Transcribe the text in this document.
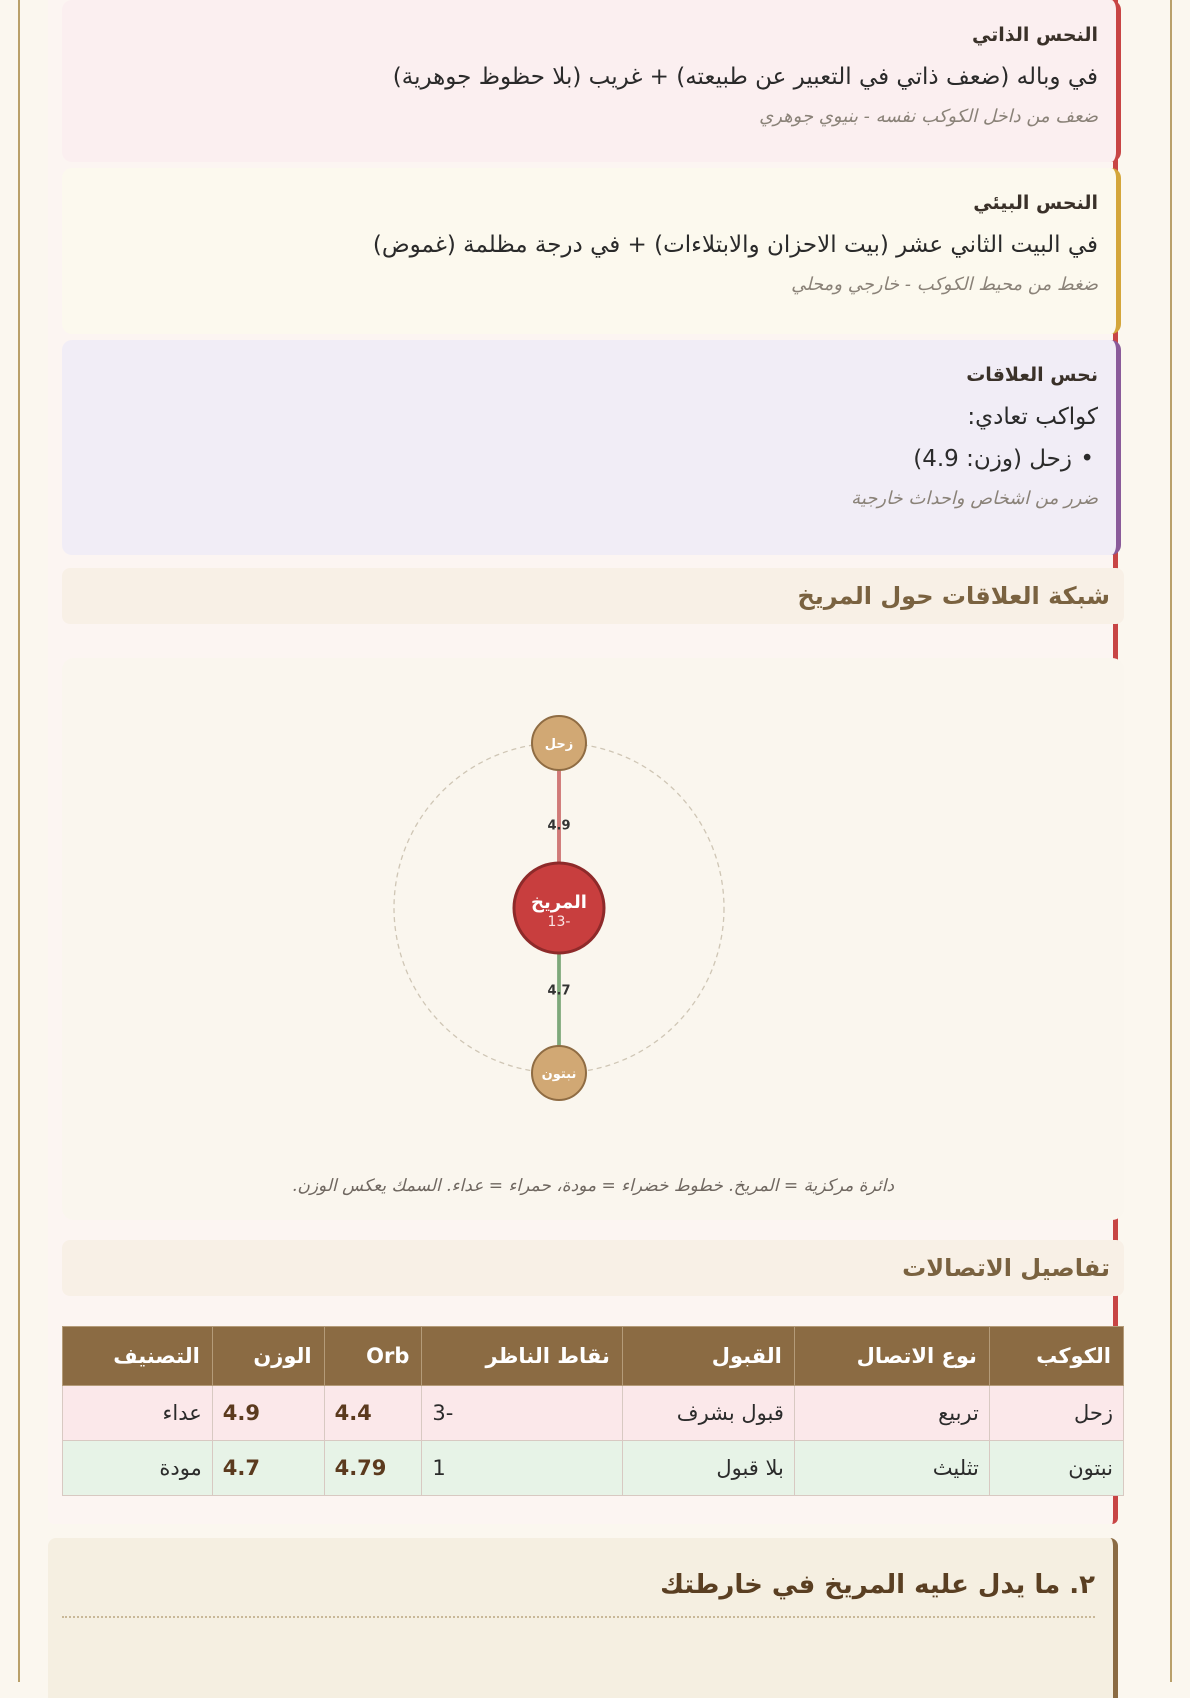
النحس الذاتي
في وباله (ضعف ذاتي في التعبير عن طبيعته) + غريب (بلا حظوظ جوهرية)
ضعف من داخل الكوكب نفسه - بنيوي جوهري
النحس البيئي
في البيت الثاني عشر (بيت الاحزان والابتلاءات) + في درجة مظلمة (غموض)
ضغط من محيط الكوكب - خارجي ومحلي
نحس العلاقات
كواكب تعادي:
• زحل (وزن: 4.9)
ضرر من اشخاص واحداث خارجية
شبكة العلاقات حول المريخ
4.9
زحل
4.7
نبتون
المريخ
-13
دائرة مركزية = المريخ. خطوط خضراء = مودة، حمراء = عداء. السمك يعكس الوزن.
تفاصيل الاتصالات
الكوكب	نوع الاتصال	القبول	نقاط الناظر	Orb	الوزن	التصنيف
زحل	تربيع	قبول بشرف	-3	4.4	4.9	عداء
نبتون	تثليث	بلا قبول	1	4.79	4.7	مودة
٢. ما يدل عليه المريخ في خارطتك
